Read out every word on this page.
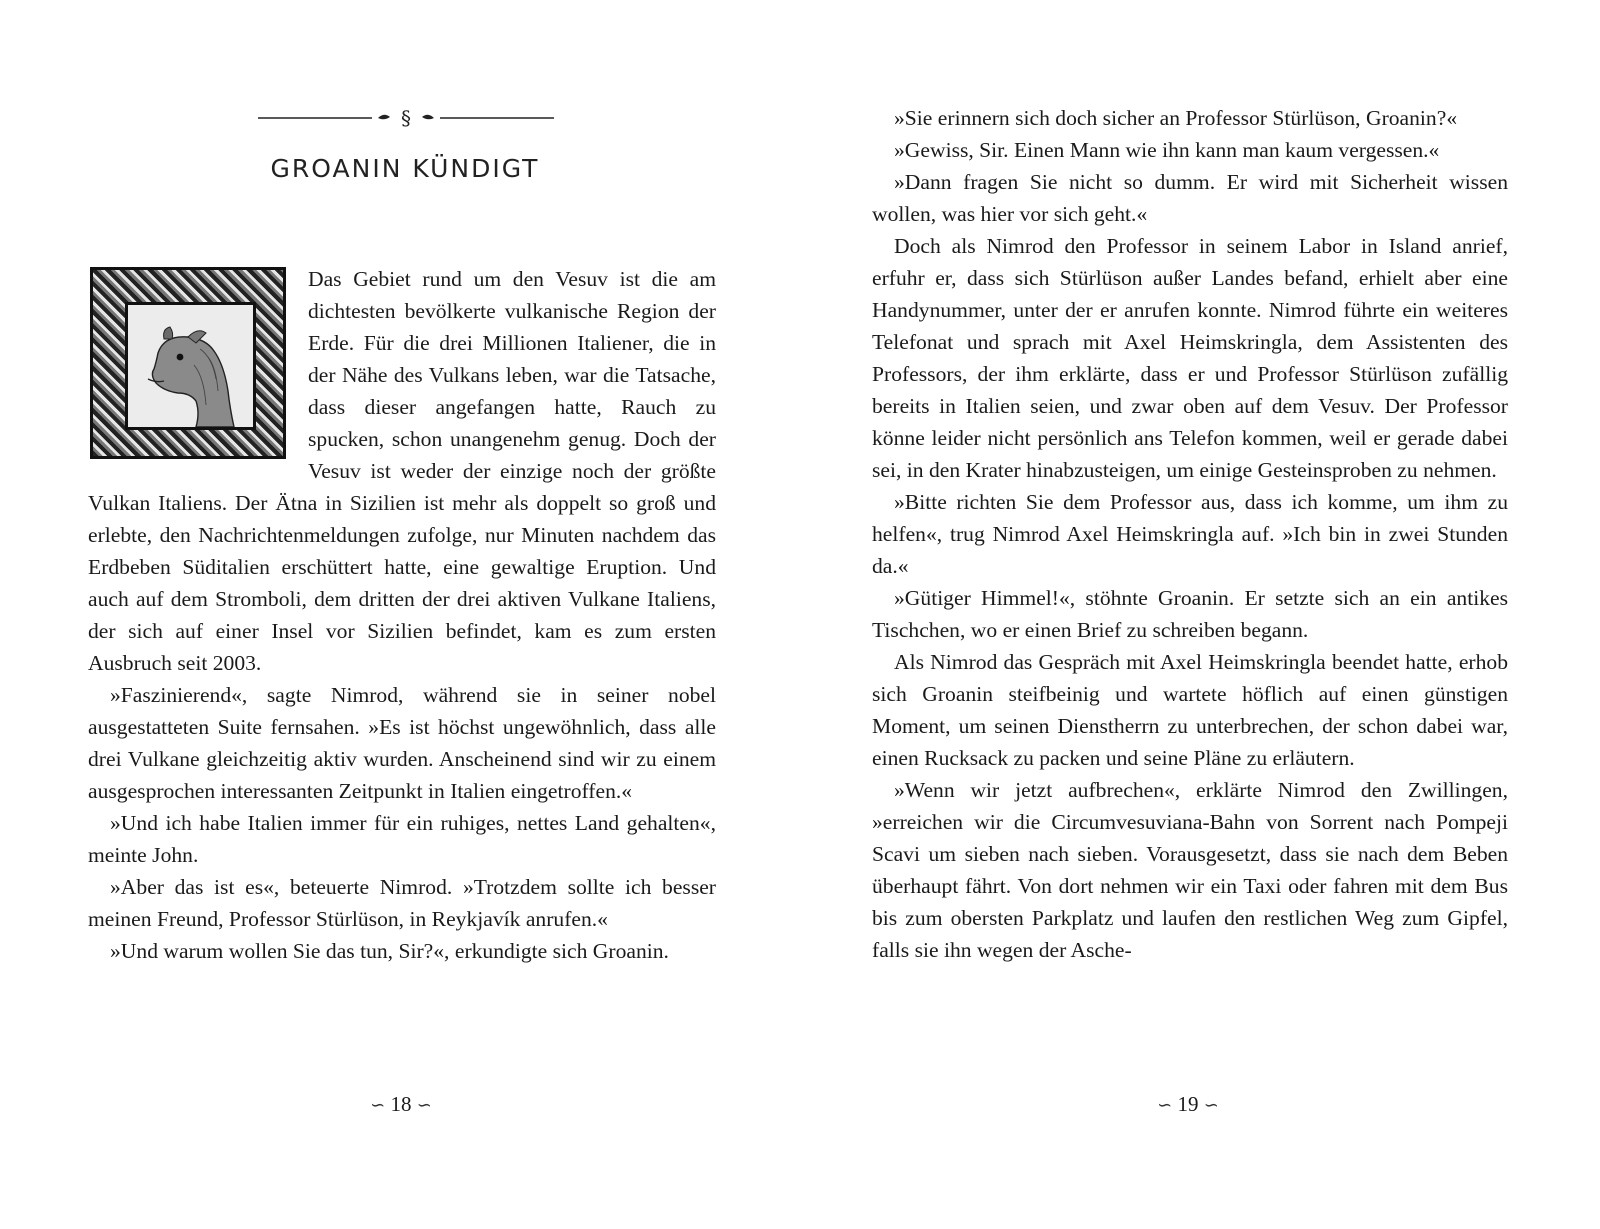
§
GROANIN KÜNDIGT

Das Gebiet rund um den Vesuv ist die am dichtesten bevölkerte vulkanische Region der Erde. Für die drei Millionen Italiener, die in der Nähe des Vulkans leben, war die Tatsache, dass dieser angefangen hatte, Rauch zu spucken, schon unangenehm genug. Doch der Vesuv ist weder der einzige noch der größte Vulkan Italiens. Der Ätna in Sizilien ist mehr als doppelt so groß und erlebte, den Nachrichtenmeldungen zufolge, nur Minuten nachdem das Erdbeben Süditalien erschüttert hatte, eine gewaltige Eruption. Und auch auf dem Stromboli, dem dritten der drei aktiven Vulkane Italiens, der sich auf einer Insel vor Sizilien befindet, kam es zum ersten Ausbruch seit 2003.

»Faszinierend«, sagte Nimrod, während sie in seiner nobel ausgestatteten Suite fernsahen. »Es ist höchst ungewöhnlich, dass alle drei Vulkane gleichzeitig aktiv wurden. Anscheinend sind wir zu einem ausgesprochen interessanten Zeitpunkt in Italien eingetroffen.«

»Und ich habe Italien immer für ein ruhiges, nettes Land gehalten«, meinte John.

»Aber das ist es«, beteuerte Nimrod. »Trotzdem sollte ich besser meinen Freund, Professor Stürlüson, in Reykjavík anrufen.«

»Und warum wollen Sie das tun, Sir?«, erkundigte sich Groanin.

∽ 18 ∽

»Sie erinnern sich doch sicher an Professor Stürlüson, Groanin?«

»Gewiss, Sir. Einen Mann wie ihn kann man kaum vergessen.«

»Dann fragen Sie nicht so dumm. Er wird mit Sicherheit wissen wollen, was hier vor sich geht.«

Doch als Nimrod den Professor in seinem Labor in Island anrief, erfuhr er, dass sich Stürlüson außer Landes befand, erhielt aber eine Handynummer, unter der er anrufen konnte. Nimrod führte ein weiteres Telefonat und sprach mit Axel Heimskringla, dem Assistenten des Professors, der ihm erklärte, dass er und Professor Stürlüson zufällig bereits in Italien seien, und zwar oben auf dem Vesuv. Der Professor könne leider nicht persönlich ans Telefon kommen, weil er gerade dabei sei, in den Krater hinabzusteigen, um einige Gesteinsproben zu nehmen.

»Bitte richten Sie dem Professor aus, dass ich komme, um ihm zu helfen«, trug Nimrod Axel Heimskringla auf. »Ich bin in zwei Stunden da.«

»Gütiger Himmel!«, stöhnte Groanin. Er setzte sich an ein antikes Tischchen, wo er einen Brief zu schreiben begann.

Als Nimrod das Gespräch mit Axel Heimskringla beendet hatte, erhob sich Groanin steifbeinig und wartete höflich auf einen günstigen Moment, um seinen Dienstherrn zu unterbrechen, der schon dabei war, einen Rucksack zu packen und seine Pläne zu erläutern.

»Wenn wir jetzt aufbrechen«, erklärte Nimrod den Zwillingen, »erreichen wir die Circumvesuviana-Bahn von Sorrent nach Pompeji Scavi um sieben nach sieben. Vorausgesetzt, dass sie nach dem Beben überhaupt fährt. Von dort nehmen wir ein Taxi oder fahren mit dem Bus bis zum obersten Parkplatz und laufen den restlichen Weg zum Gipfel, falls sie ihn wegen der Asche-

∽ 19 ∽
